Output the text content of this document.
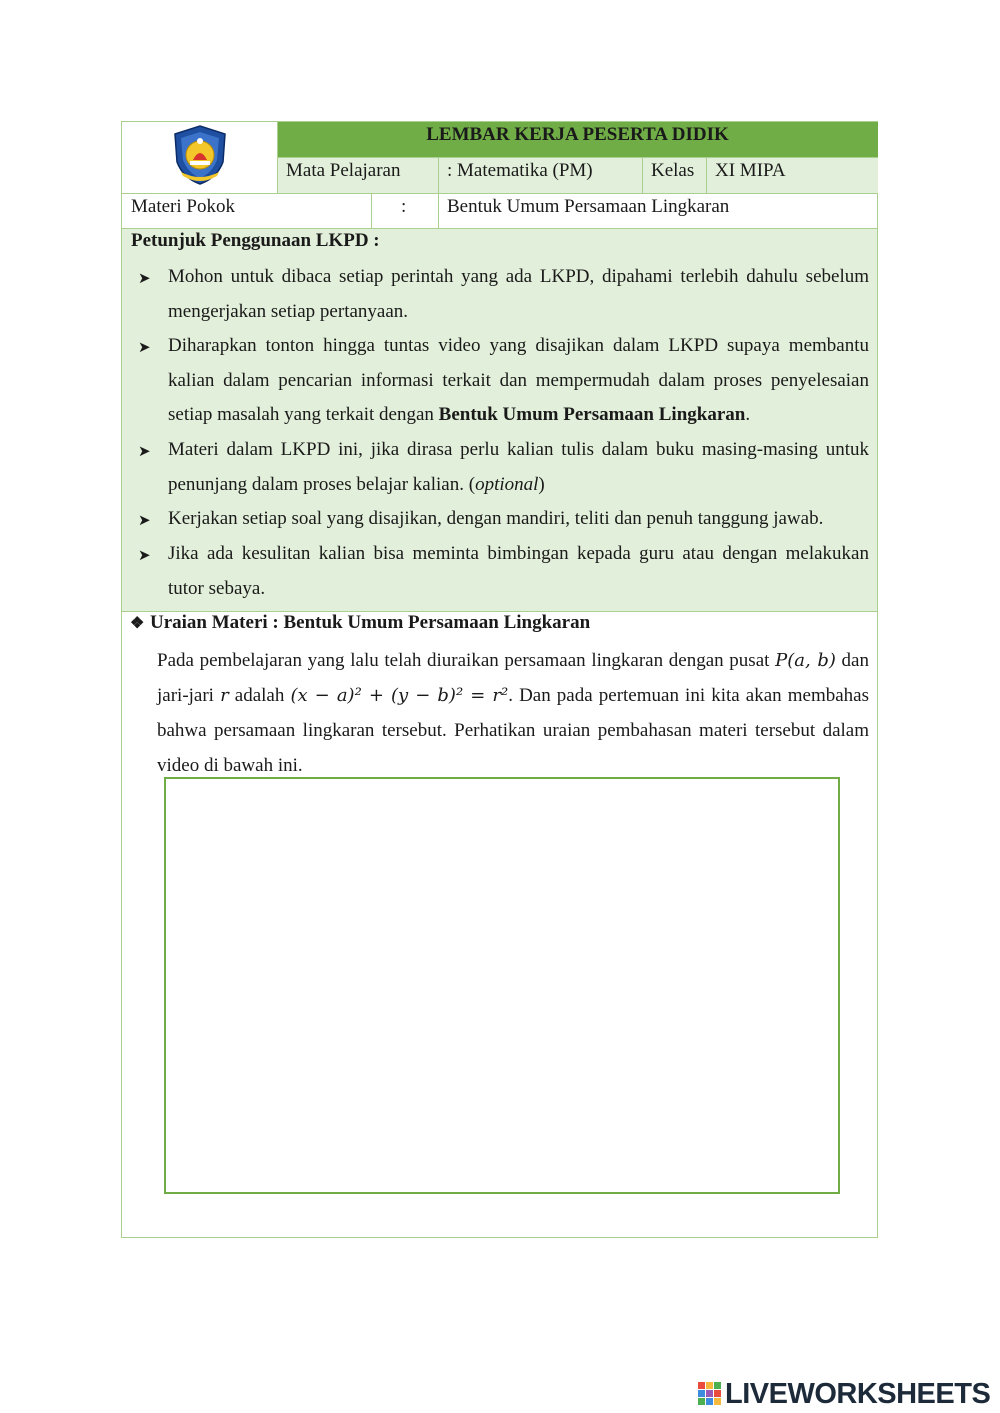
LEMBAR KERJA PESERTA DIDIK
Mata Pelajaran : Matematika (PM)	Kelas XI MIPA
Materi Pokok	: Bentuk Umum Persamaan Lingkaran
Petunjuk Penggunaan LKPD :
➤ Mohon untuk dibaca setiap perintah yang ada LKPD, dipahami terlebih dahulu sebelum mengerjakan setiap pertanyaan.
➤ Diharapkan tonton hingga tuntas video yang disajikan dalam LKPD supaya membantu kalian dalam pencarian informasi terkait dan mempermudah dalam proses penyelesaian setiap masalah yang terkait dengan Bentuk Umum Persamaan Lingkaran.
➤ Materi dalam LKPD ini, jika dirasa perlu kalian tulis dalam buku masing-masing untuk penunjang dalam proses belajar kalian. (optional)
➤ Kerjakan setiap soal yang disajikan, dengan mandiri, teliti dan penuh tanggung jawab.
➤ Jika ada kesulitan kalian bisa meminta bimbingan kepada guru atau dengan melakukan tutor sebaya.
❖ Uraian Materi : Bentuk Umum Persamaan Lingkaran
Pada pembelajaran yang lalu telah diuraikan persamaan lingkaran dengan pusat P(a, b) dan jari-jari r adalah (x − a)² + (y − b)² = r². Dan pada pertemuan ini kita akan membahas bahwa persamaan lingkaran tersebut. Perhatikan uraian pembahasan materi tersebut dalam video di bawah ini.
LIVEWORKSHEETS
